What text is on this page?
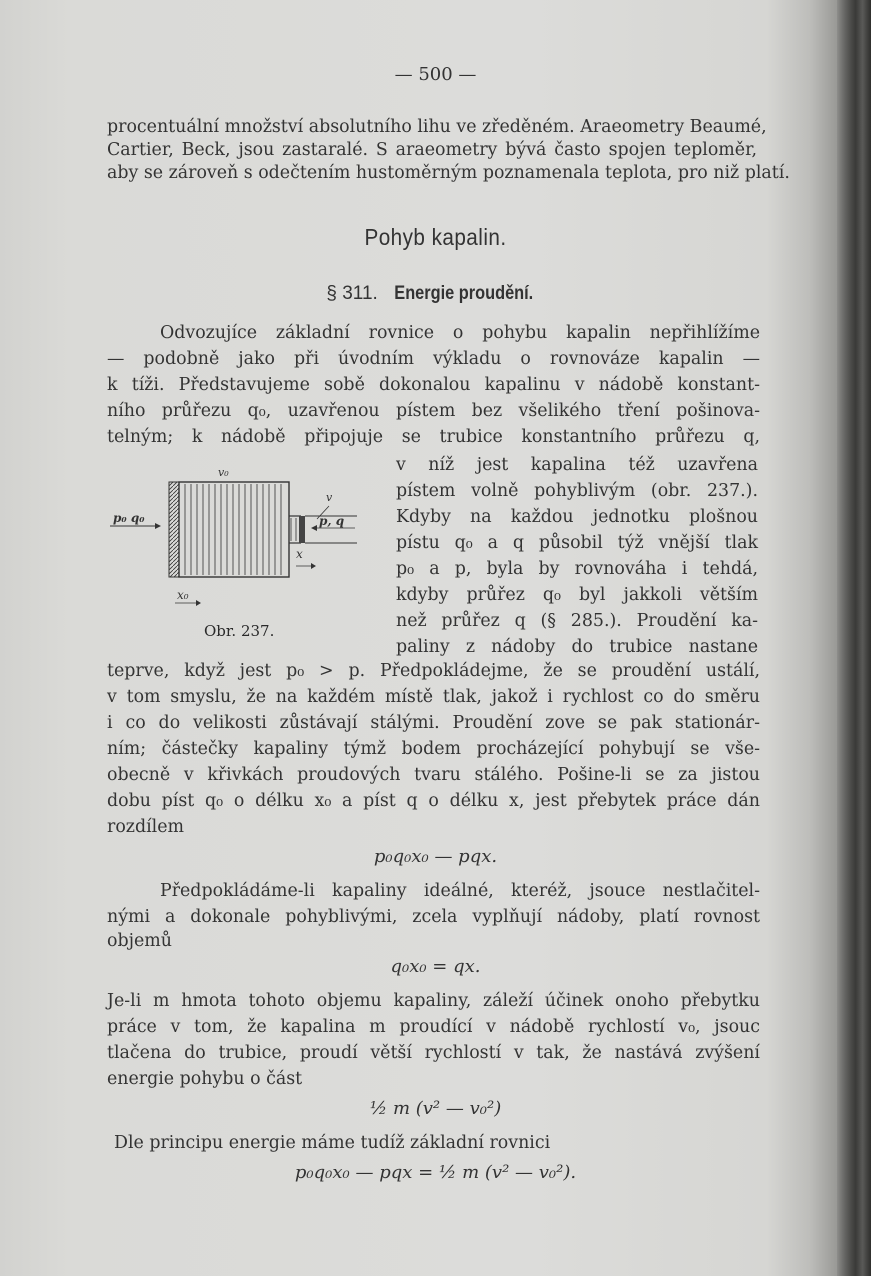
— 500 —
procentuální množství absolutního lihu ve zředěném. Araeometry Beaumé,
Cartier, Beck, jsou zastaralé. S araeometry bývá často spojen teploměr,
aby se zároveň s odečtením hustoměrným poznamenala teplota, pro niž platí.
Pohyb kapalin.
§ 311. Energie proudění.
Odvozujíce základní rovnice o pohybu kapalin nepřihlížíme
— podobně jako při úvodním výkladu o rovnováze kapalin —
k tíži. Představujeme sobě dokonalou kapalinu v nádobě konstant-
ního průřezu q₀, uzavřenou pístem bez všelikého tření pošinova-
telným; k nádobě připojuje se trubice konstantního průřezu q,
v níž jest kapalina též uzavřena
pístem volně pohyblivým (obr. 237.).
Kdyby na každou jednotku plošnou
pístu q₀ a q působil týž vnější tlak
p₀ a p, byla by rovnováha i tehdá,
kdyby průřez q₀ byl jakkoli větším
než průřez q (§ 285.). Proudění ka-
paliny z nádoby do trubice nastane
v₀
p₀ q₀
v
p, q
x
x₀
Obr. 237.
teprve, když jest p₀ > p. Předpokládejme, že se proudění ustálí,
v tom smyslu, že na každém místě tlak, jakož i rychlost co do směru
i co do velikosti zůstávají stálými. Proudění zove se pak stationár-
ním; částečky kapaliny týmž bodem procházející pohybují se vše-
obecně v křivkách proudových tvaru stálého. Pošine-li se za jistou
dobu píst q₀ o délku x₀ a píst q o délku x, jest přebytek práce dán
rozdílem
p₀q₀x₀ — pqx.
Předpokládáme-li kapaliny ideálné, kteréž, jsouce nestlačitel-
nými a dokonale pohyblivými, zcela vyplňují nádoby, platí rovnost
objemů
q₀x₀ = qx.
Je-li m hmota tohoto objemu kapaliny, záleží účinek onoho přebytku
práce v tom, že kapalina m proudící v nádobě rychlostí v₀, jsouc
tlačena do trubice, proudí větší rychlostí v tak, že nastává zvýšení
energie pohybu o část
½ m (v² — v₀²)
Dle principu energie máme tudíž základní rovnici
p₀q₀x₀ — pqx = ½ m (v² — v₀²).
